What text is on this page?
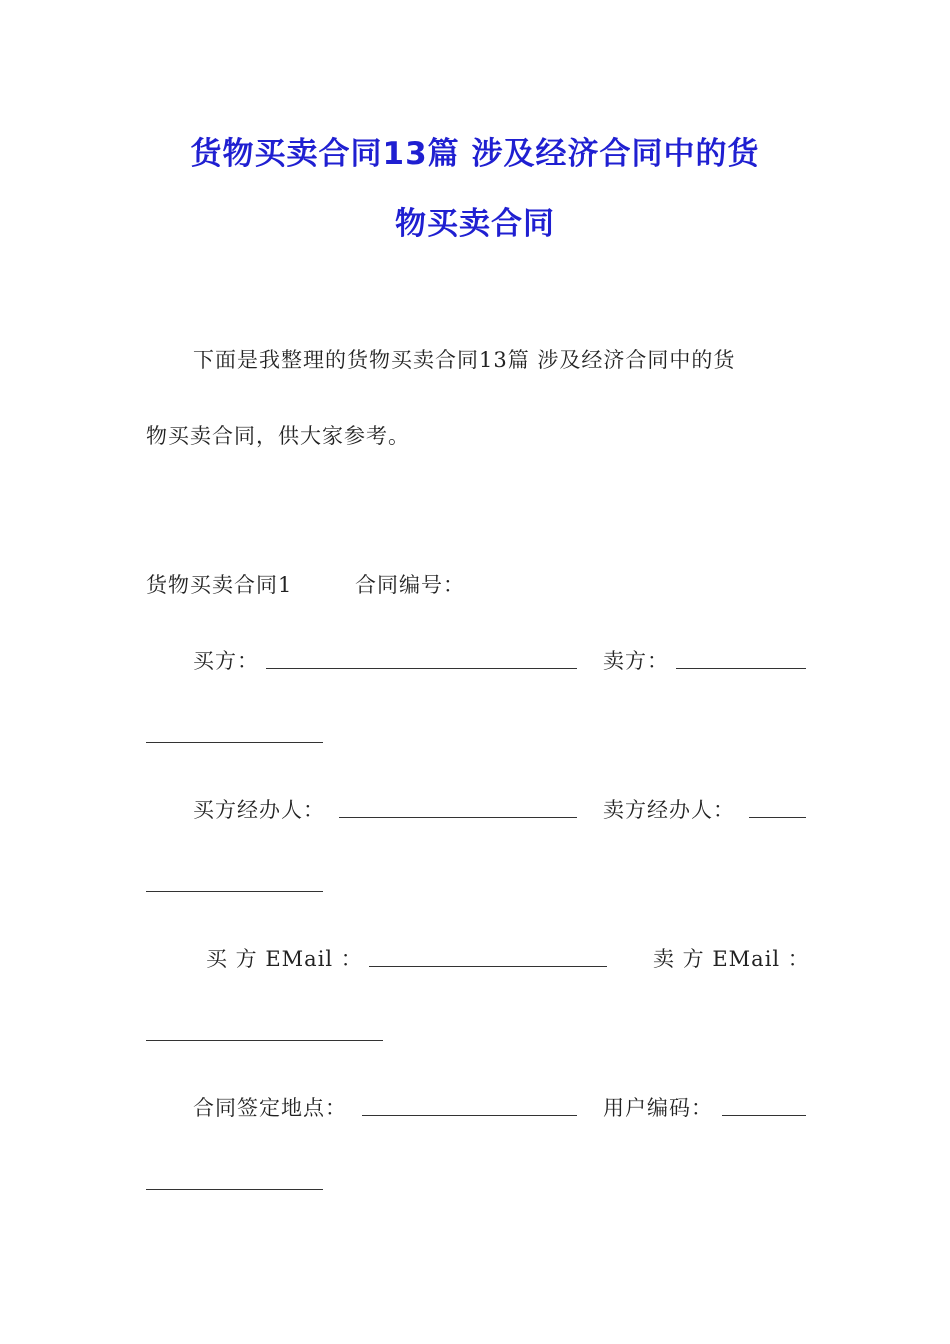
货物买卖合同13篇 涉及经济合同中的货
物买卖合同
下面是我整理的货物买卖合同13篇 涉及经济合同中的货
物买卖合同，供大家参考。
货物买卖合同1	合同编号：
买方：	卖方：
买方经办人：	卖方经办人：
买 方 EMail ：	卖 方 EMail ：
合同签定地点：	用户编码：
